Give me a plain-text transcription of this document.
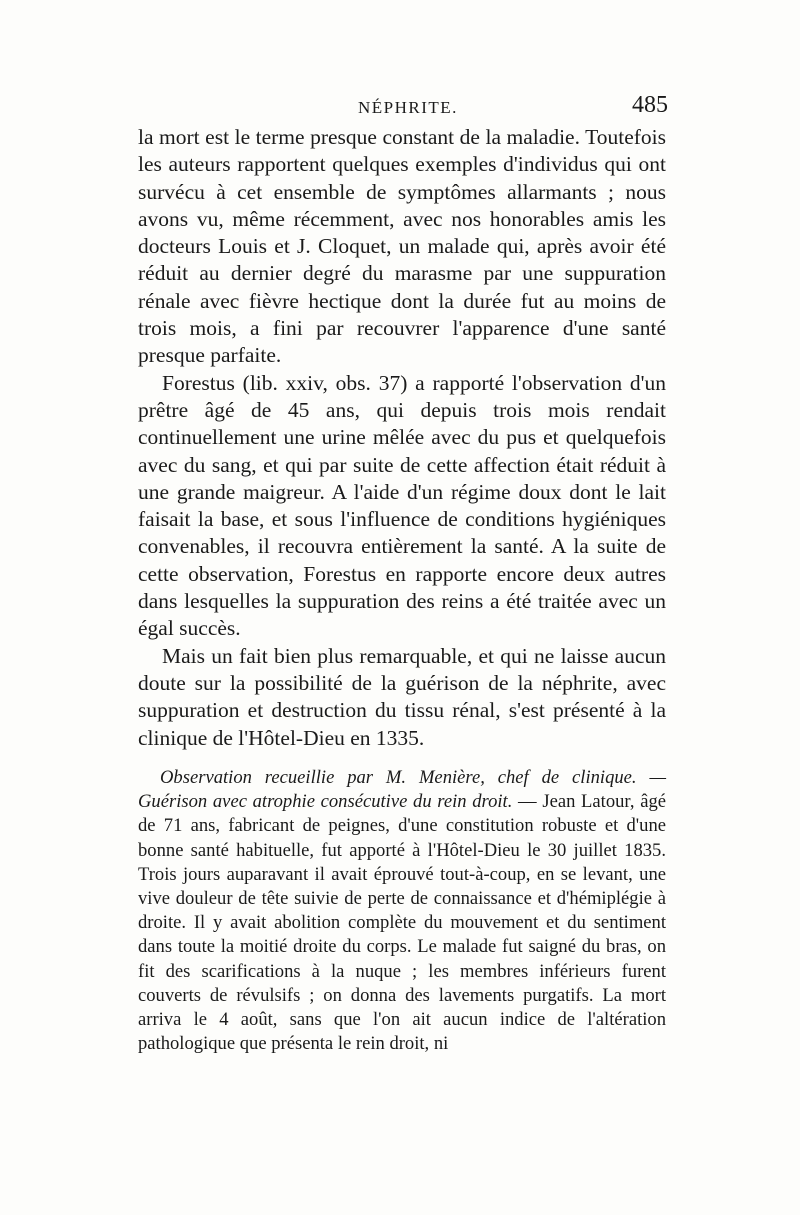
NÉPHRITE.	485

la mort est le terme presque constant de la maladie. Toutefois les auteurs rapportent quelques exemples d'individus qui ont survécu à cet ensemble de symptômes allarmants ; nous avons vu, même récemment, avec nos honorables amis les docteurs Louis et J. Cloquet, un malade qui, après avoir été réduit au dernier degré du marasme par une suppuration rénale avec fièvre hectique dont la durée fut au moins de trois mois, a fini par recouvrer l'apparence d'une santé presque parfaite.

Forestus (lib. xxiv, obs. 37) a rapporté l'observation d'un prêtre âgé de 45 ans, qui depuis trois mois rendait continuellement une urine mêlée avec du pus et quelquefois avec du sang, et qui par suite de cette affection était réduit à une grande maigreur. A l'aide d'un régime doux dont le lait faisait la base, et sous l'influence de conditions hygiéniques convenables, il recouvra entièrement la santé. A la suite de cette observation, Forestus en rapporte encore deux autres dans lesquelles la suppuration des reins a été traitée avec un égal succès.

Mais un fait bien plus remarquable, et qui ne laisse aucun doute sur la possibilité de la guérison de la néphrite, avec suppuration et destruction du tissu rénal, s'est présenté à la clinique de l'Hôtel-Dieu en 1335.

Observation recueillie par M. Menière, chef de clinique. — Guérison avec atrophie consécutive du rein droit. — Jean Latour, âgé de 71 ans, fabricant de peignes, d'une constitution robuste et d'une bonne santé habituelle, fut apporté à l'Hôtel-Dieu le 30 juillet 1835. Trois jours auparavant il avait éprouvé tout-à-coup, en se levant, une vive douleur de tête suivie de perte de connaissance et d'hémiplégie à droite. Il y avait abolition complète du mouvement et du sentiment dans toute la moitié droite du corps. Le malade fut saigné du bras, on fit des scarifications à la nuque ; les membres inférieurs furent couverts de révulsifs ; on donna des lavements purgatifs. La mort arriva le 4 août, sans que l'on ait aucun indice de l'altération pathologique que présenta le rein droit, ni
